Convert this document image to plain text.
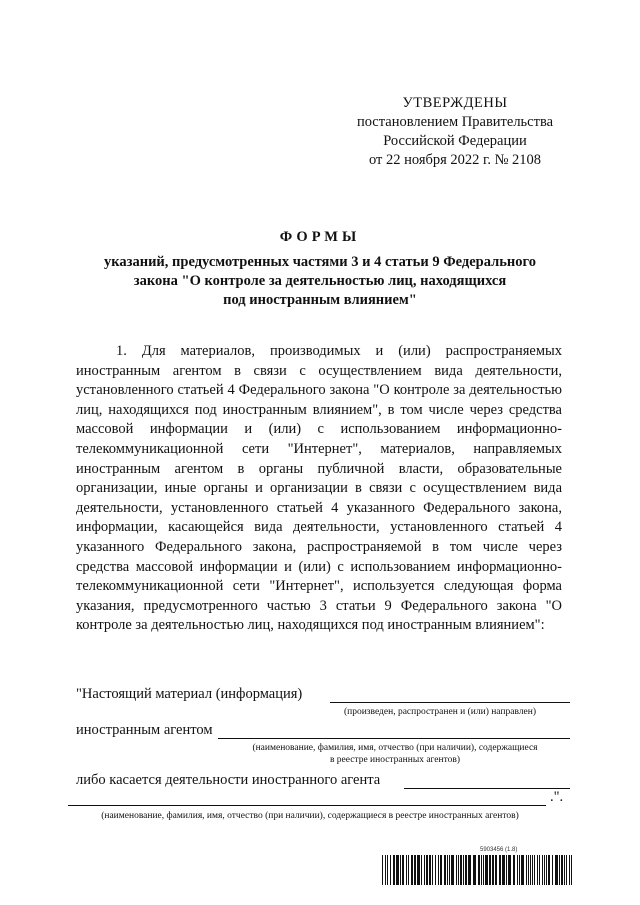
УТВЕРЖДЕНЫ
постановлением Правительства
Российской Федерации
от 22 ноября 2022 г. № 2108
ФОРМЫ
указаний, предусмотренных частями 3 и 4 статьи 9 Федерального
закона "О контроле за деятельностью лиц, находящихся
под иностранным влиянием"

1. Для материалов, производимых и (или) распространяемых иностранным агентом в связи с осуществлением вида деятельности, установленного статьей 4 Федерального закона "О контроле за деятельностью лиц, находящихся под иностранным влиянием", в том числе через средства массовой информации и (или) с использованием информационно-телекоммуникационной сети "Интернет", материалов, направляемых иностранным агентом в органы публичной власти, образовательные организации, иные органы и организации в связи с осуществлением вида деятельности, установленного статьей 4 указанного Федерального закона, информации, касающейся вида деятельности, установленного статьей 4 указанного Федерального закона, распространяемой в том числе через средства массовой информации и (или) с использованием информационно-телекоммуникационной сети "Интернет", используется следующая форма указания, предусмотренного частью 3 статьи 9 Федерального закона "О контроле за деятельностью лиц, находящихся под иностранным влиянием":

"Настоящий материал (информация)
(произведен, распространен и (или) направлен)
иностранным агентом
(наименование, фамилия, имя, отчество (при наличии), содержащиеся
в реестре иностранных агентов)
либо касается деятельности иностранного агента
.".
(наименование, фамилия, имя, отчество (при наличии), содержащиеся в реестре иностранных агентов)
5903456 (1.8)
